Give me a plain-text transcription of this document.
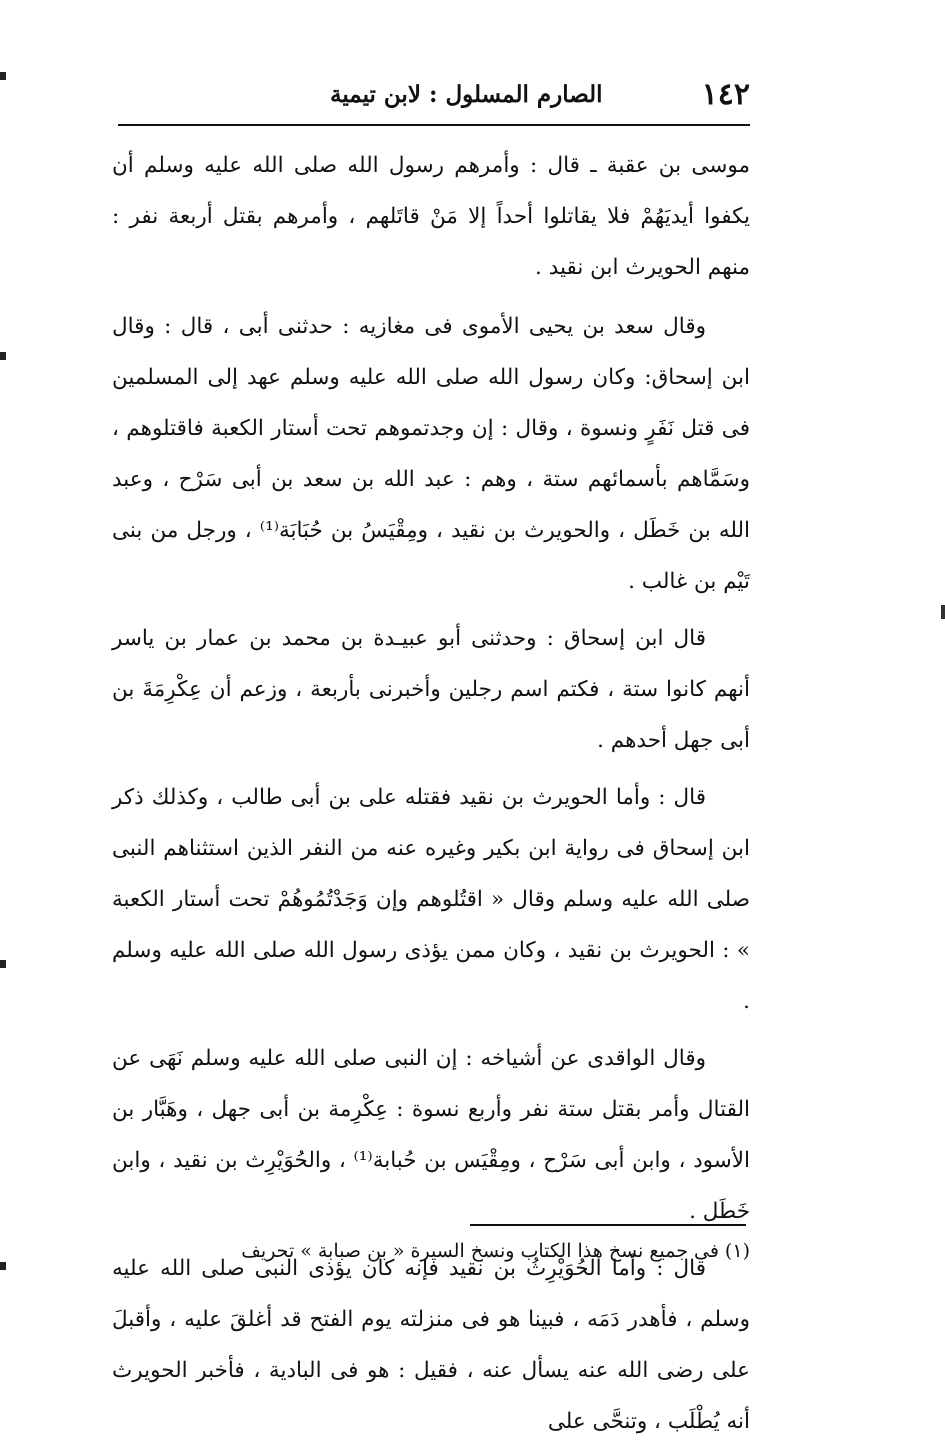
١٤٢
الصارم المسلول : لابن تيمية

موسى بن عقبة ـ قال : وأمرهم رسول الله صلى الله عليه وسلم أن يكفوا أيديَهُمْ فلا يقاتلوا أحداً إلا مَنْ قاتَلهم ، وأمرهم بقتل أربعة نفر : منهم الحويرث ابن نقيد .

وقال سعد بن يحيى الأموى فى مغازيه : حدثنى أبى ، قال : وقال ابن إسحاق: وكان رسول الله صلى الله عليه وسلم عهد إلى المسلمين فى قتل نَفَرٍ ونسوة ، وقال : إن وجدتموهم تحت أستار الكعبة فاقتلوهم ، وسَمَّاهم بأسمائهم ستة ، وهم : عبد الله بن سعد بن أبى سَرْح ، وعبد الله بن خَطَل ، والحويرث بن نقيد ، ومِقْيَسُ بن حُبَابَة⁽¹⁾ ، ورجل من بنى تَيْم بن غالب .

قال ابن إسحاق : وحدثنى أبو عبيـدة بن محمد بن عمار بن ياسر أنهم كانوا ستة ، فكتم اسم رجلين وأخبرنى بأربعة ، وزعم أن عِكْرِمَةَ بن أبى جهل أحدهم .

قال : وأما الحويرث بن نقيد فقتله على بن أبى طالب ، وكذلك ذكر ابن إسحاق فى رواية ابن بكير وغيره عنه من النفر الذين استثناهم النبى صلى الله عليه وسلم وقال « اقتُلوهم وإن وَجَدْتُمُوهُمْ تحت أستار الكعبة » : الحويرث بن نقيد ، وكان ممن يؤذى رسول الله صلى الله عليه وسلم .

وقال الواقدى عن أشياخه : إن النبى صلى الله عليه وسلم نَهَى عن القتال وأمر بقتل ستة نفر وأربع نسوة : عِكْرِمة بن أبى جهل ، وهَبَّار بن الأسود ، وابن أبى سَرْح ، ومِقْيَس بن حُبابة⁽¹⁾ ، والحُوَيْرِث بن نقيد ، وابن خَطَل .

قال : وأما الحُوَيْرِثُ بن نقيد فإنه كان يؤذى النبى صلى الله عليه وسلم ، فأهدر دَمَه ، فبينا هو فى منزلته يوم الفتح قد أغلقَ عليه ، وأقبلَ على رضى الله عنه يسأل عنه ، فقيل : هو فى البادية ، فأخبر الحويرث أنه يُطْلَب ، وتنحَّى على

(١) فى جميع نسخ هذا الكتاب ونسخ السيرة « بن صبابة » تحريف
